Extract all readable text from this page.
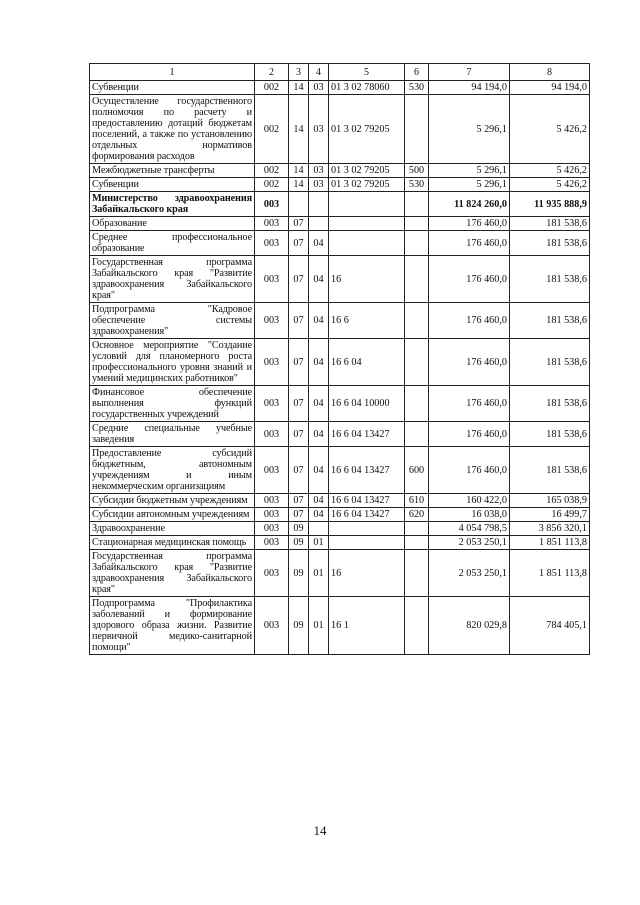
1	2	3	4	5	6	7	8
Субвенции	002	14	03	01 3 02 78060	530	94 194,0	94 194,0
Осуществление государственного полномочия по расчету и предоставлению дотаций бюджетам поселений, а также по установлению отдельных нормативов формирования расходов	002	14	03	01 3 02 79205		5 296,1	5 426,2
Межбюджетные трансферты	002	14	03	01 3 02 79205	500	5 296,1	5 426,2
Субвенции	002	14	03	01 3 02 79205	530	5 296,1	5 426,2
Министерство здравоохранения Забайкальского края	003					11 824 260,0	11 935 888,9
Образование	003	07				176 460,0	181 538,6
Среднее профессиональное образование	003	07	04			176 460,0	181 538,6
Государственная программа Забайкальского края "Развитие здравоохранения Забайкальского края"	003	07	04	16		176 460,0	181 538,6
Подпрограмма "Кадровое обеспечение системы здравоохранения"	003	07	04	16 6		176 460,0	181 538,6
Основное мероприятие "Создание условий для планомерного роста профессионального уровня знаний и умений медицинских работников"	003	07	04	16 6 04		176 460,0	181 538,6
Финансовое обеспечение выполнения функций государственных учреждений	003	07	04	16 6 04 10000		176 460,0	181 538,6
Средние специальные учебные заведения	003	07	04	16 6 04 13427		176 460,0	181 538,6
Предоставление субсидий бюджетным, автономным учреждениям и иным некоммерческим организациям	003	07	04	16 6 04 13427	600	176 460,0	181 538,6
Субсидии бюджетным учреждениям	003	07	04	16 6 04 13427	610	160 422,0	165 038,9
Субсидии автономным учреждениям	003	07	04	16 6 04 13427	620	16 038,0	16 499,7
Здравоохранение	003	09				4 054 798,5	3 856 320,1
Стационарная медицинская помощь	003	09	01			2 053 250,1	1 851 113,8
Государственная программа Забайкальского края "Развитие здравоохранения Забайкальского края"	003	09	01	16		2 053 250,1	1 851 113,8
Подпрограмма "Профилактика заболеваний и формирование здорового образа жизни. Развитие первичной медико-санитарной помощи"	003	09	01	16 1		820 029,8	784 405,1
14
